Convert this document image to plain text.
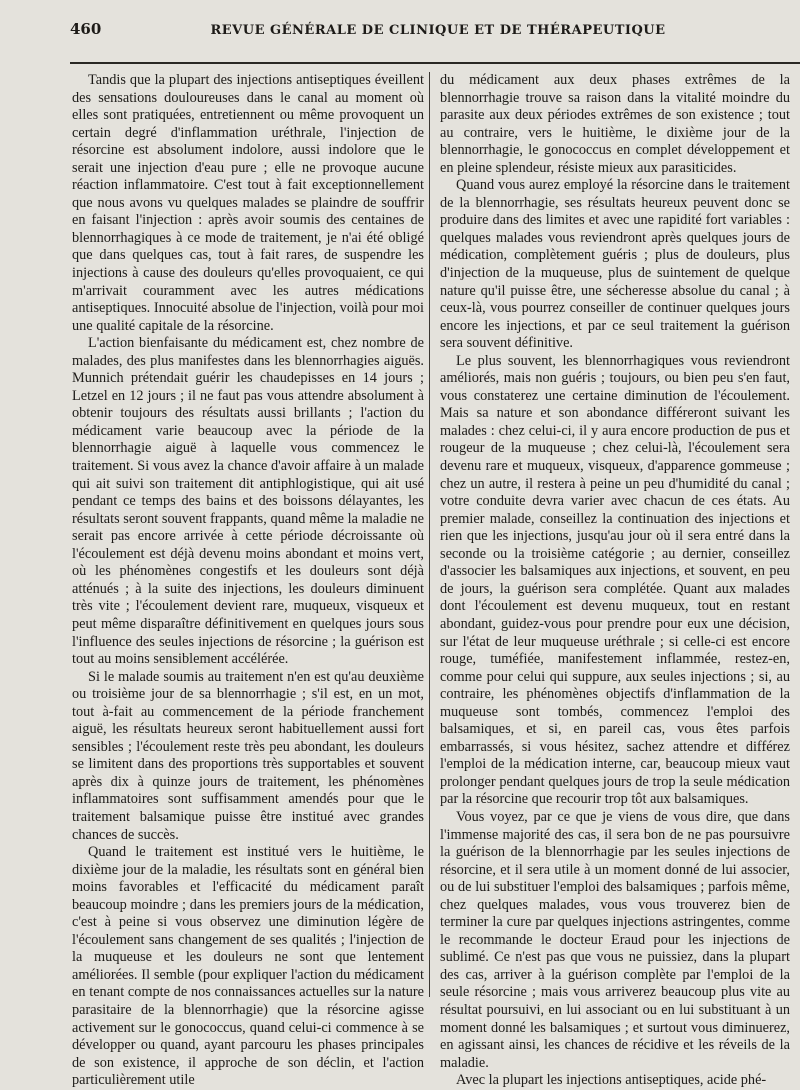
460	REVUE GÉNÉRALE DE CLINIQUE ET DE THÉRAPEUTIQUE

Tandis que la plupart des injections antiseptiques éveillent des sensations douloureuses dans le canal au moment où elles sont pratiquées, entretiennent ou même provoquent un certain degré d'inflammation uréthrale, l'injection de résorcine est absolument indolore, aussi indolore que le serait une injection d'eau pure ; elle ne provoque aucune réaction inflammatoire. C'est tout à fait exceptionnellement que nous avons vu quelques malades se plaindre de souffrir en faisant l'injection : après avoir soumis des centaines de blennorrhagiques à ce mode de traitement, je n'ai été obligé que dans quelques cas, tout à fait rares, de suspendre les injections à cause des douleurs qu'elles provoquaient, ce qui m'arrivait couramment avec les autres médications antiseptiques. Innocuité absolue de l'injection, voilà pour moi une qualité capitale de la résorcine.

L'action bienfaisante du médicament est, chez nombre de malades, des plus manifestes dans les blennorrhagies aiguës. Munnich prétendait guérir les chaudepisses en 14 jours ; Letzel en 12 jours ; il ne faut pas vous attendre absolument à obtenir toujours des résultats aussi brillants ; l'action du médicament varie beaucoup avec la période de la blennorrhagie aiguë à laquelle vous commencez le traitement. Si vous avez la chance d'avoir affaire à un malade qui ait suivi son traitement dit antiphlogistique, qui ait usé pendant ce temps des bains et des boissons délayantes, les résultats seront souvent frappants, quand même la maladie ne serait pas encore arrivée à cette période décroissante où l'écoulement est déjà devenu moins abondant et moins vert, où les phénomènes congestifs et les douleurs sont déjà atténués ; à la suite des injections, les douleurs diminuent très vite ; l'écoulement devient rare, muqueux, visqueux et peut même disparaître définitivement en quelques jours sous l'influence des seules injections de résorcine ; la guérison est tout au moins sensiblement accélérée.

Si le malade soumis au traitement n'en est qu'au deuxième ou troisième jour de sa blennorrhagie ; s'il est, en un mot, tout à-fait au commencement de la période franchement aiguë, les résultats heureux seront habituellement aussi fort sensibles ; l'écoulement reste très peu abondant, les douleurs se limitent dans des proportions très supportables et souvent après dix à quinze jours de traitement, les phénomènes inflammatoires sont suffisamment amendés pour que le traitement balsamique puisse être institué avec grandes chances de succès.

Quand le traitement est institué vers le huitième, le dixième jour de la maladie, les résultats sont en général bien moins favorables et l'efficacité du médicament paraît beaucoup moindre ; dans les premiers jours de la médication, c'est à peine si vous observez une diminution légère de l'écoulement sans changement de ses qualités ; l'injection de la muqueuse et les douleurs ne sont que lentement améliorées. Il semble (pour expliquer l'action du médicament en tenant compte de nos connaissances actuelles sur la nature parasitaire de la blennorrhagie) que la résorcine agisse activement sur le gonococcus, quand celui-ci commence à se développer ou quand, ayant parcouru les phases principales de son existence, il approche de son déclin, et l'action particulièrement utile

du médicament aux deux phases extrêmes de la blennorrhagie trouve sa raison dans la vitalité moindre du parasite aux deux périodes extrêmes de son existence ; tout au contraire, vers le huitième, le dixième jour de la blennorrhagie, le gonococcus en complet développement et en pleine splendeur, résiste mieux aux parasiticides.

Quand vous aurez employé la résorcine dans le traitement de la blennorrhagie, ses résultats heureux peuvent donc se produire dans des limites et avec une rapidité fort variables : quelques malades vous reviendront après quelques jours de médication, complètement guéris ; plus de douleurs, plus d'injection de la muqueuse, plus de suintement de quelque nature qu'il puisse être, une sécheresse absolue du canal ; à ceux-là, vous pourrez conseiller de continuer quelques jours encore les injections, et par ce seul traitement la guérison sera souvent définitive.

Le plus souvent, les blennorrhagiques vous reviendront améliorés, mais non guéris ; toujours, ou bien peu s'en faut, vous constaterez une certaine diminution de l'écoulement. Mais sa nature et son abondance différeront suivant les malades : chez celui-ci, il y aura encore production de pus et rougeur de la muqueuse ; chez celui-là, l'écoulement sera devenu rare et muqueux, visqueux, d'apparence gommeuse ; chez un autre, il restera à peine un peu d'humidité du canal ; votre conduite devra varier avec chacun de ces états. Au premier malade, conseillez la continuation des injections et rien que les injections, jusqu'au jour où il sera entré dans la seconde ou la troisième catégorie ; au dernier, conseillez d'associer les balsamiques aux injections, et souvent, en peu de jours, la guérison sera complétée. Quant aux malades dont l'écoulement est devenu muqueux, tout en restant abondant, guidez-vous pour prendre pour eux une décision, sur l'état de leur muqueuse uréthrale ; si celle-ci est encore rouge, tuméfiée, manifestement inflammée, restez-en, comme pour celui qui suppure, aux seules injections ; si, au contraire, les phénomènes objectifs d'inflammation de la muqueuse sont tombés, commencez l'emploi des balsamiques, et si, en pareil cas, vous êtes parfois embarrassés, si vous hésitez, sachez attendre et différez l'emploi de la médication interne, car, beaucoup mieux vaut prolonger pendant quelques jours de trop la seule médication par la résorcine que recourir trop tôt aux balsamiques.

Vous voyez, par ce que je viens de vous dire, que dans l'immense majorité des cas, il sera bon de ne pas poursuivre la guérison de la blennorrhagie par les seules injections de résorcine, et il sera utile à un moment donné de lui associer, ou de lui substituer l'emploi des balsamiques ; parfois même, chez quelques malades, vous vous trouverez bien de terminer la cure par quelques injections astringentes, comme le recommande le docteur Eraud pour les injections de sublimé. Ce n'est pas que vous ne puissiez, dans la plupart des cas, arriver à la guérison complète par l'emploi de la seule résorcine ; mais vous arriverez beaucoup plus vite au résultat poursuivi, en lui associant ou en lui substituant à un moment donné les balsamiques ; et surtout vous diminuerez, en agissant ainsi, les chances de récidive et les réveils de la maladie.

Avec la plupart les injections antiseptiques, acide phé-
